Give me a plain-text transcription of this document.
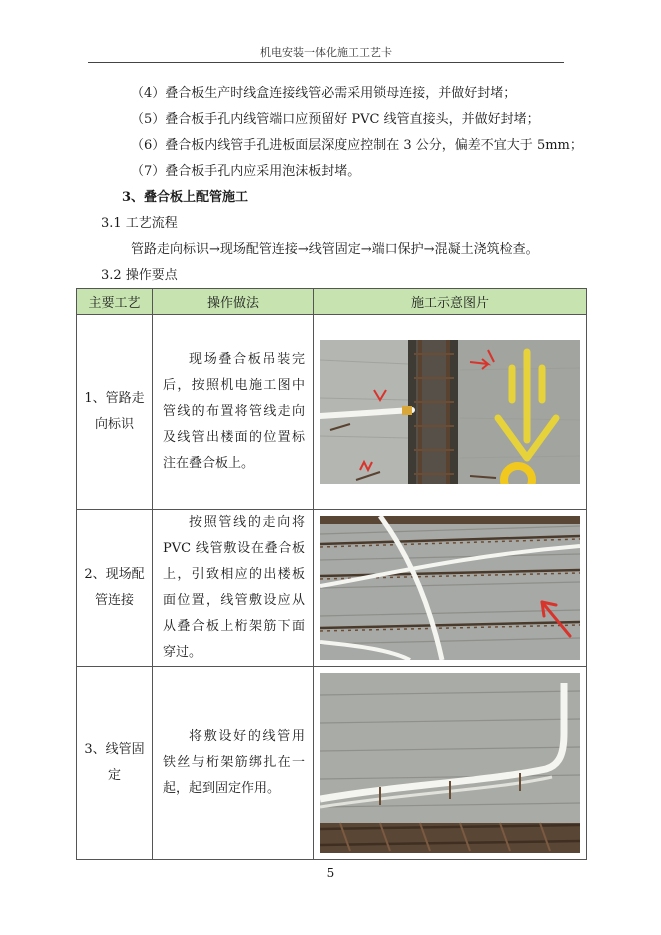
机电安装一体化施工工艺卡
（4）叠合板生产时线盒连接线管必需采用锁母连接，并做好封堵；
（5）叠合板手孔内线管端口应预留好 PVC 线管直接头，并做好封堵；
（6）叠合板内线管手孔进板面层深度应控制在 3 公分，偏差不宜大于 5mm；
（7）叠合板手孔内应采用泡沫板封堵。
3、叠合板上配管施工
3.1 工艺流程
管路走向标识→现场配管连接→线管固定→端口保护→混凝土浇筑检查。
3.2 操作要点
主要工艺	操作做法	施工示意图片
1、管路走向标识	现场叠合板吊装完后，按照机电施工图中管线的布置将管线走向及线管出楼面的位置标注在叠合板上。	

2、现场配管连接	按照管线的走向将 PVC 线管敷设在叠合板上，引致相应的出楼板面位置，线管敷设应从从叠合板上桁架筋下面穿过。	

3、线管固定	将敷设好的线管用铁丝与桁架筋绑扎在一起，起到固定作用。	
5
